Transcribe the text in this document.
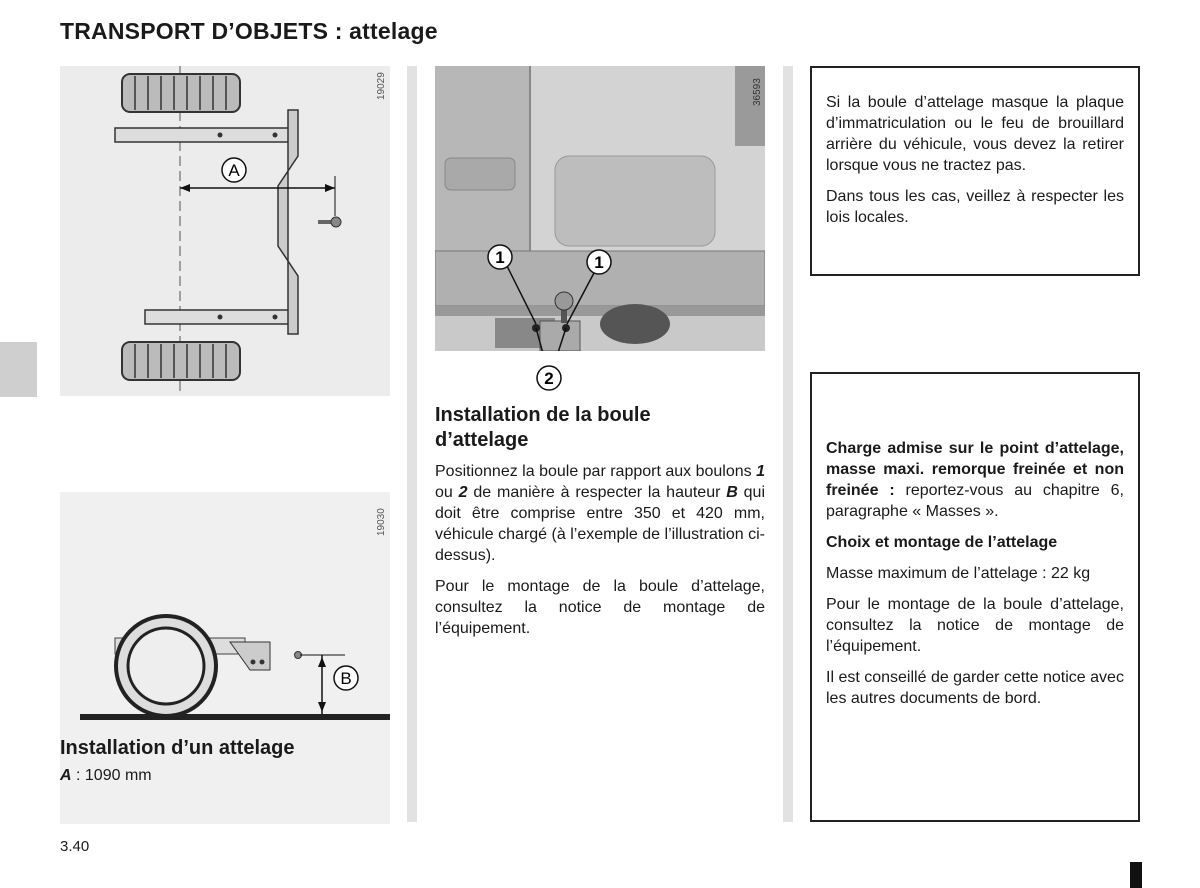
TRANSPORT D’OBJETS : attelage
A
19029
B
19030
Installation d’un attelage
A : 1090 mm
1	1
2
36593
Installation de la boule
d’attelage

Positionnez la boule par rapport aux boulons 1 ou 2 de manière à respecter la hauteur B qui doit être comprise entre 350 et 420 mm, véhicule chargé (à l’exemple de l’illustration ci-dessus).

Pour le montage de la boule d’attelage, consultez la notice de montage de l’équipement.

Si la boule d’attelage masque la plaque d’immatriculation ou le feu de brouillard arrière du véhicule, vous devez la retirer lorsque vous ne tractez pas.

Dans tous les cas, veillez à respecter les lois locales.

Charge admise sur le point d’attelage, masse maxi. remorque freinée et non freinée : reportez-vous au chapitre 6, paragraphe « Masses ».

Choix et montage de l’attelage

Masse maximum de l’attelage : 22 kg

Pour le montage de la boule d’attelage, consultez la notice de montage de l’équipement.

Il est conseillé de garder cette notice avec les autres documents de bord.

3.40
